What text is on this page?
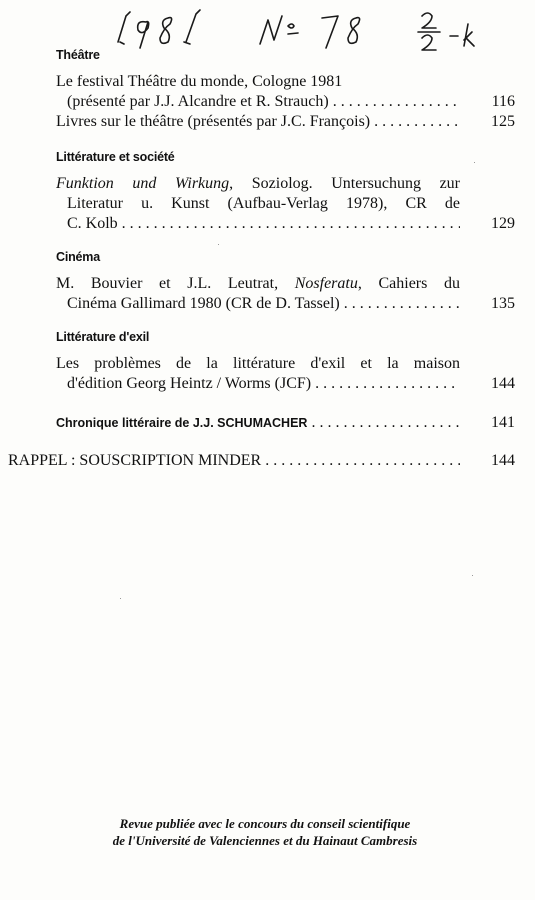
Théâtre
Le festival Théâtre du monde, Cologne 1981
(présenté par J.J. Alcandre et R. Strauch) . . .	116
Livres sur le théâtre (présentés par J.C. François) . . .	125
Littérature et société
Funktion und Wirkung, Soziolog. Untersuchung zur
Literatur u. Kunst (Aufbau-Verlag 1978), CR de
C. Kolb . . .	129
Cinéma
M. Bouvier et J.L. Leutrat, Nosferatu, Cahiers du
Cinéma Gallimard 1980 (CR de D. Tassel) . . .	135
Littérature d'exil
Les problèmes de la littérature d'exil et la maison
d'édition Georg Heintz / Worms (JCF) . . .	144
Chronique littéraire de J.J. SCHUMACHER . . .	141
RAPPEL : SOUSCRIPTION MINDER . . .	144
Revue publiée avec le concours du conseil scientifique
de l'Université de Valenciennes et du Hainaut Cambresis
